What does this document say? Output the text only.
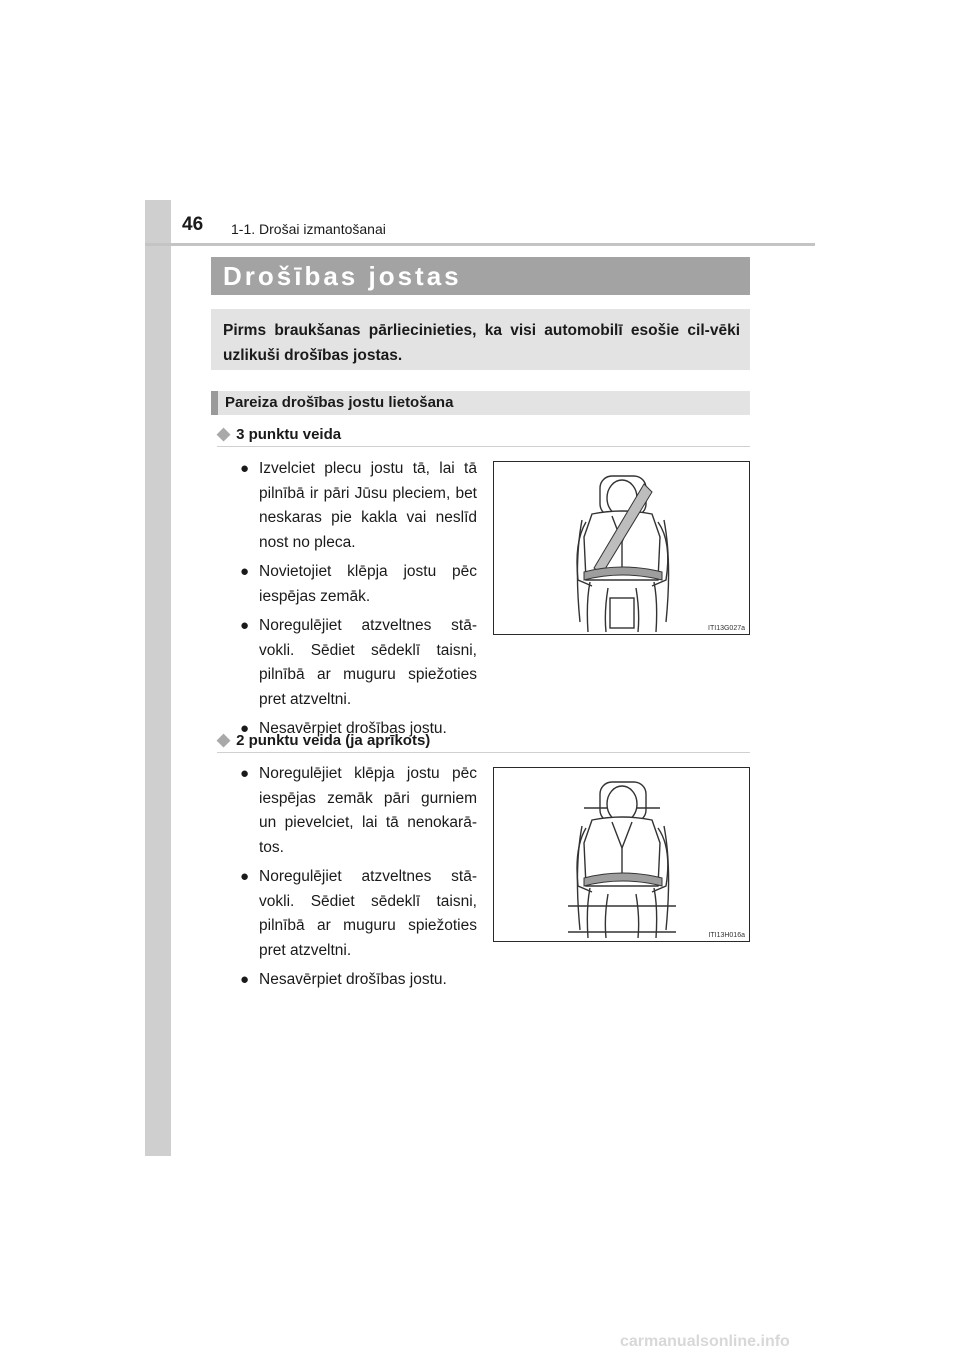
46 1-1. Drošai izmantošanai
Drošības jostas
Pirms braukšanas pārliecinieties, ka visi automobilī esošie cil-vēki uzlikuši drošības jostas.
Pareiza drošības jostu lietošana
◆ 3 punktu veida
● Izvelciet plecu jostu tā, lai tā pilnībā ir pāri Jūsu pleciem, bet neskaras pie kakla vai neslīd nost no pleca.
● Novietojiet klēpja jostu pēc iespējas zemāk.
● Noregulējiet atzveltnes stā-vokli. Sēdiet sēdeklī taisni, pilnībā ar muguru spiežoties pret atzveltni.
● Nesavērpiet drošības jostu.
ITI13G027a
◆ 2 punktu veida (ja aprīkots)
● Noregulējiet klēpja jostu pēc iespējas zemāk pāri gurniem un pievelciet, lai tā nenokarā-tos.
● Noregulējiet atzveltnes stā-vokli. Sēdiet sēdeklī taisni, pilnībā ar muguru spiežoties pret atzveltni.
● Nesavērpiet drošības jostu.
ITI13H016a
carmanualsonline.info
